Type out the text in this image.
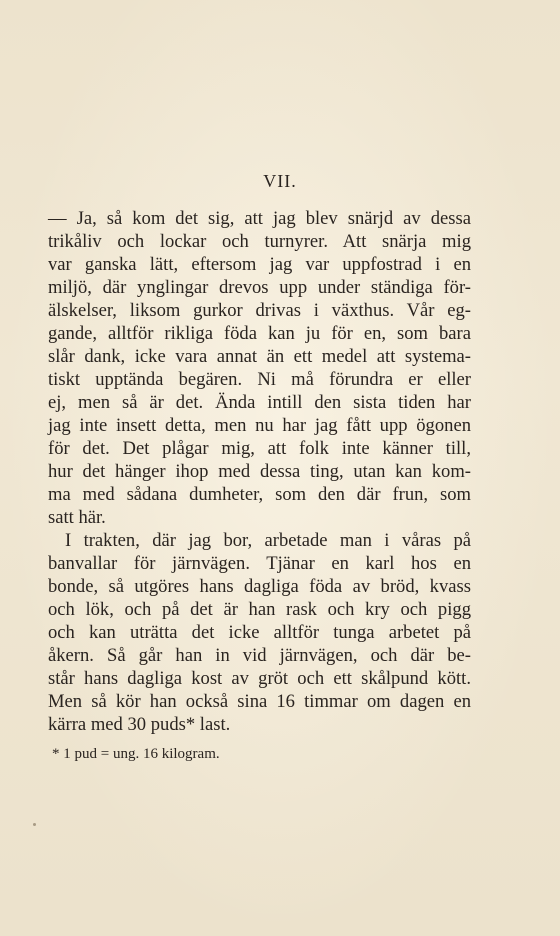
VII.
— Ja, så kom det sig, att jag blev snärjd av dessa
trikåliv och lockar och turnyrer. Att snärja mig
var ganska lätt, eftersom jag var uppfostrad i en
miljö, där ynglingar drevos upp under ständiga för-
älskelser, liksom gurkor drivas i växthus. Vår eg-
gande, alltför rikliga föda kan ju för en, som bara
slår dank, icke vara annat än ett medel att systema-
tiskt upptända begären. Ni må förundra er eller
ej, men så är det. Ända intill den sista tiden har
jag inte insett detta, men nu har jag fått upp ögonen
för det. Det plågar mig, att folk inte känner till,
hur det hänger ihop med dessa ting, utan kan kom-
ma med sådana dumheter, som den där frun, som
satt här.
I trakten, där jag bor, arbetade man i våras på
banvallar för järnvägen. Tjänar en karl hos en
bonde, så utgöres hans dagliga föda av bröd, kvass
och lök, och på det är han rask och kry och pigg
och kan uträtta det icke alltför tunga arbetet på
åkern. Så går han in vid järnvägen, och där be-
står hans dagliga kost av gröt och ett skålpund kött.
Men så kör han också sina 16 timmar om dagen en
kärra med 30 puds* last.
* 1 pud = ung. 16 kilogram.
